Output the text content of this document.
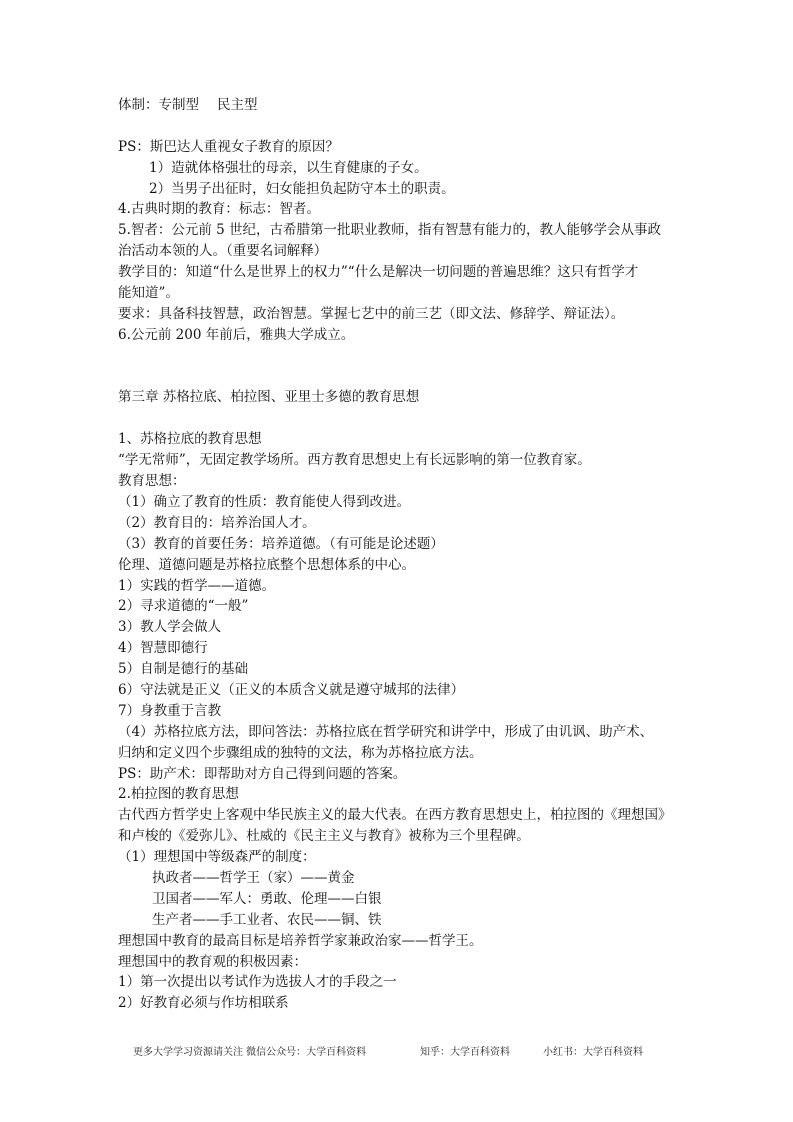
体制：专制型 民主型
PS：斯巴达人重视女子教育的原因？
1）造就体格强壮的母亲，以生育健康的子女。
2）当男子出征时，妇女能担负起防守本土的职责。
4.古典时期的教育：标志：智者。
5.智者：公元前 5 世纪，古希腊第一批职业教师，指有智慧有能力的，教人能够学会从事政
治活动本领的人。（重要名词解释）
教学目的：知道“什么是世界上的权力”“什么是解决一切问题的普遍思维？这只有哲学才
能知道”。
要求：具备科技智慧，政治智慧。掌握七艺中的前三艺（即文法、修辞学、辩证法）。
6.公元前 200 年前后，雅典大学成立。
第三章 苏格拉底、柏拉图、亚里士多德的教育思想
1、苏格拉底的教育思想
“学无常师”，无固定教学场所。西方教育思想史上有长远影响的第一位教育家。
教育思想：
（1）确立了教育的性质：教育能使人得到改进。
（2）教育目的：培养治国人才。
（3）教育的首要任务：培养道德。（有可能是论述题）
伦理、道德问题是苏格拉底整个思想体系的中心。
1）实践的哲学——道德。
2）寻求道德的“一般”
3）教人学会做人
4）智慧即德行
5）自制是德行的基础
6）守法就是正义（正义的本质含义就是遵守城邦的法律）
7）身教重于言教
（4）苏格拉底方法，即问答法：苏格拉底在哲学研究和讲学中，形成了由讥讽、助产术、
归纳和定义四个步骤组成的独特的文法，称为苏格拉底方法。
PS：助产术：即帮助对方自己得到问题的答案。
2.柏拉图的教育思想
古代西方哲学史上客观中华民族主义的最大代表。在西方教育思想史上，柏拉图的《理想国》
和卢梭的《爱弥儿》、杜威的《民主主义与教育》被称为三个里程碑。
（1）理想国中等级森严的制度：
执政者——哲学王（家）——黄金
卫国者——军人：勇敢、伦理——白银
生产者——手工业者、农民——铜、铁
理想国中教育的最高目标是培养哲学家兼政治家——哲学王。
理想国中的教育观的积极因素：
1）第一次提出以考试作为选拔人才的手段之一
2）好教育必须与作坊相联系
更多大学学习资源请关注 微信公众号：大学百科资料	知乎：大学百科资料	小红书：大学百科资料
